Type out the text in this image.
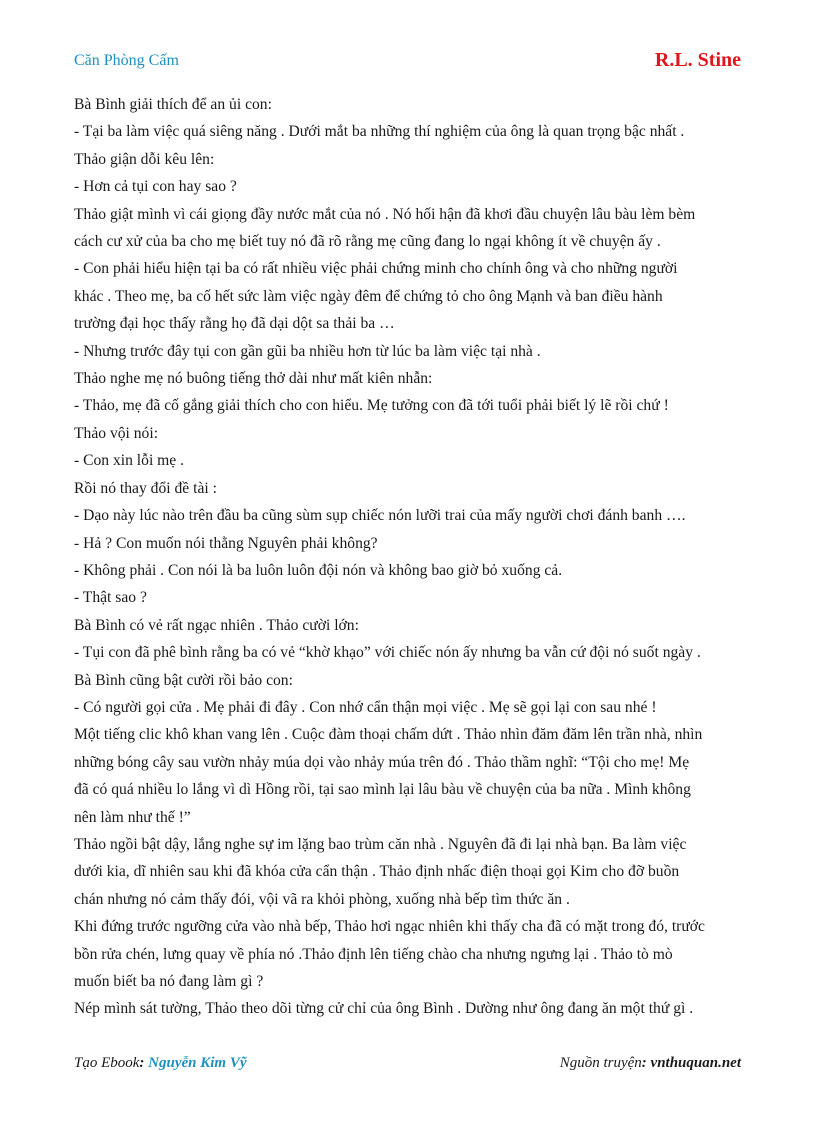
Căn Phòng Cấm	R.L. Stine

Bà Bình giải thích để an ủi con:

- Tại ba làm việc quá siêng năng . Dưới mắt ba những thí nghiệm của ông là quan trọng bậc nhất .

Thảo giận dỗi kêu lên:

- Hơn cả tụi con hay sao ?

Thảo giật mình vì cái giọng đầy nước mắt của nó . Nó hối hận đã khơi đầu chuyện lâu bàu lèm bèm

cách cư xử của ba cho mẹ biết tuy nó đã rõ rằng mẹ cũng đang lo ngại không ít về chuyện ấy .

- Con phải hiểu hiện tại ba có rất nhiều việc phải chứng minh cho chính ông và cho những người

khác . Theo mẹ, ba cố hết sức làm việc ngày đêm để chứng tỏ cho ông Mạnh và ban điều hành

trường đại học thấy rằng họ đã dại dột sa thải ba …

- Nhưng trước đây tụi con gần gũi ba nhiều hơn từ lúc ba làm việc tại nhà .

Thảo nghe mẹ nó buông tiếng thở dài như mất kiên nhẫn:

- Thảo, mẹ đã cố gắng giải thích cho con hiểu. Mẹ tưởng con đã tới tuổi phải biết lý lẽ rồi chứ !

Thảo vội nói:

- Con xin lỗi mẹ .

Rồi nó thay đổi đề tài :

- Dạo này lúc nào trên đầu ba cũng sùm sụp chiếc nón lưỡi trai của mấy người chơi đánh banh ….

- Hả ? Con muốn nói thằng Nguyên phải không?

- Không phải . Con nói là ba luôn luôn đội nón và không bao giờ bỏ xuống cả.

- Thật sao ?

Bà Bình có vẻ rất ngạc nhiên . Thảo cười lớn:

- Tụi con đã phê bình rằng ba có vẻ “khờ khạo” với chiếc nón ấy nhưng ba vẫn cứ đội nó suốt ngày .

Bà Bình cũng bật cười rồi bảo con:

- Có người gọi cửa . Mẹ phải đi đây . Con nhớ cẩn thận mọi việc . Mẹ sẽ gọi lại con sau nhé !

Một tiếng clic khô khan vang lên . Cuộc đàm thoại chấm dứt . Thảo nhìn đăm đăm lên trần nhà, nhìn

những bóng cây sau vườn nhảy múa dọi vào nhảy múa trên đó . Thảo thầm nghĩ: “Tội cho mẹ! Mẹ

đã có quá nhiều lo lắng vì dì Hồng rồi, tại sao mình lại lâu bàu về chuyện của ba nữa . Mình không

nên làm như thế !”

Thảo ngồi bật dậy, lắng nghe sự im lặng bao trùm căn nhà . Nguyên đã đi lại nhà bạn. Ba làm việc

dưới kia, dĩ nhiên sau khi đã khóa cửa cẩn thận . Thảo định nhấc điện thoại gọi Kim cho đỡ buồn

chán nhưng nó cảm thấy đói, vội vã ra khỏi phòng, xuống nhà bếp tìm thức ăn .

Khi đứng trước ngưỡng cửa vào nhà bếp, Thảo hơi ngạc nhiên khi thấy cha đã có mặt trong đó, trước

bồn rửa chén, lưng quay về phía nó .Thảo định lên tiếng chào cha nhưng ngưng lại . Thảo tò mò

muốn biết ba nó đang làm gì ?

Nép mình sát tường, Thảo theo dõi từng cử chỉ của ông Bình . Dường như ông đang ăn một thứ gì .

Tạo Ebook: Nguyễn Kim Vỹ	Nguồn truyện: vnthuquan.net
